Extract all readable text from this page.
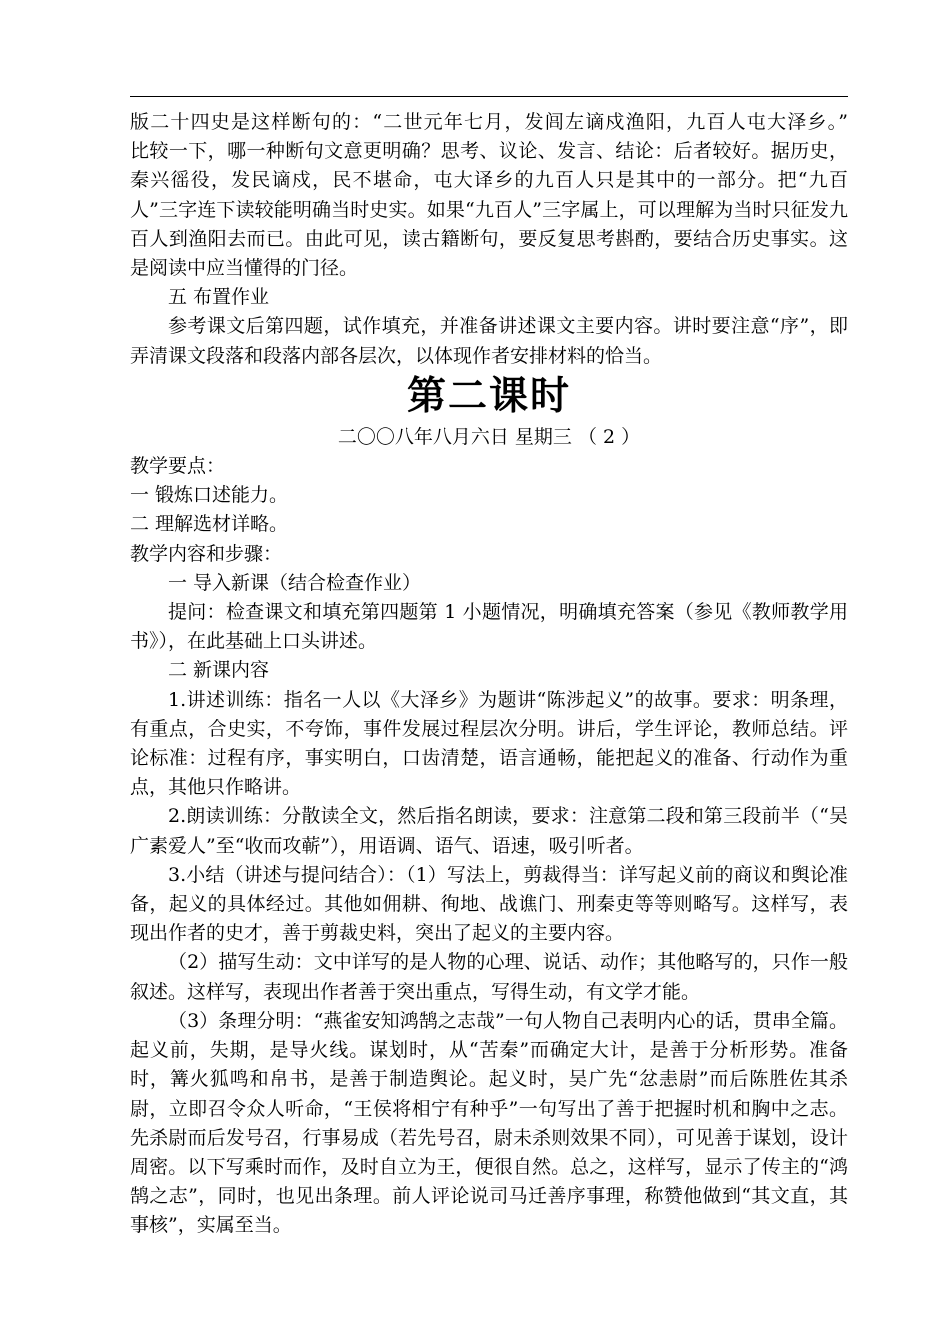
版二十四史是这样断句的：“二世元年七月，发闾左谪戍渔阳，九百人屯大泽乡。”　　　　比较一下，哪一种断句文意更明确？思考、议论、发言、结论：后者较好。据历史，秦兴徭役，发民谪戍，民不堪命，屯大译乡的九百人只是其中的一部分。把“九百人”三字连下读较能明确当时史实。如果“九百人”三字属上，可以理解为当时只征发九百人到渔阳去而已。由此可见，读古籍断句，要反复思考斟酌，要结合历史事实。这是阅读中应当懂得的门径。

五 布置作业

参考课文后第四题，试作填充，并准备讲述课文主要内容。讲时要注意“序”，即弄清课文段落和段落内部各层次，以体现作者安排材料的恰当。

第二课时

二〇〇八年八月六日 星期三 （ 2 ）

教学要点：

一 锻炼口述能力。

二 理解选材详略。

教学内容和步骤：

一 导入新课（结合检查作业）

提问：检查课文和填充第四题第 1 小题情况，明确填充答案（参见《教师教学用书》），在此基础上口头讲述。

二 新课内容

1.讲述训练：指名一人以《大泽乡》为题讲“陈涉起义”的故事。要求：明条理，有重点，合史实，不夸饰，事件发展过程层次分明。讲后，学生评论，教师总结。评论标准：过程有序，事实明白，口齿清楚，语言通畅，能把起义的准备、行动作为重点，其他只作略讲。

2.朗读训练：分散读全文，然后指名朗读，要求：注意第二段和第三段前半（“吴广素爱人”至“收而攻蕲”），用语调、语气、语速，吸引听者。

3.小结（讲述与提问结合）：（1）写法上，剪裁得当：详写起义前的商议和舆论准备，起义的具体经过。其他如佣耕、徇地、战谯门、刑秦吏等等则略写。这样写，表现出作者的史才，善于剪裁史料，突出了起义的主要内容。

（2）描写生动：文中详写的是人物的心理、说话、动作；其他略写的，只作一般叙述。这样写，表现出作者善于突出重点，写得生动，有文学才能。

（3）条理分明：“燕雀安知鸿鹄之志哉”一句人物自己表明内心的话，贯串全篇。起义前，失期，是导火线。谋划时，从“苦秦”而确定大计，是善于分析形势。准备时，篝火狐鸣和帛书，是善于制造舆论。起义时，吴广先“忿恚尉”而后陈胜佐其杀尉，立即召令众人听命，“王侯将相宁有种乎”一句写出了善于把握时机和胸中之志。先杀尉而后发号召，行事易成（若先号召，尉未杀则效果不同），可见善于谋划，设计周密。以下写乘时而作，及时自立为王，便很自然。总之，这样写，显示了传主的“鸿鹄之志”，同时，也见出条理。前人评论说司马迁善序事理，称赞他做到“其文直，其事核”，实属至当。
